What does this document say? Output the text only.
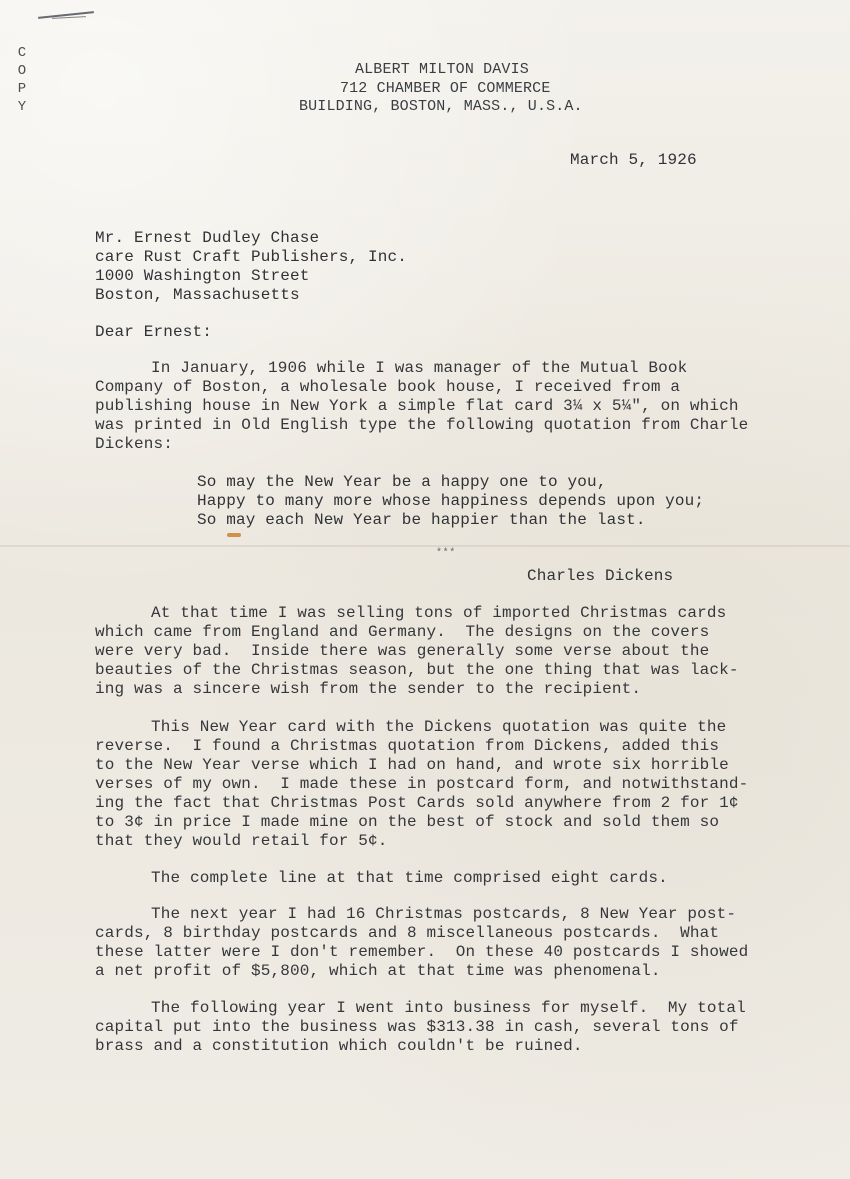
C
O
P
Y
ALBERT MILTON DAVIS
712 CHAMBER OF COMMERCE
BUILDING, BOSTON, MASS., U.S.A.
March 5, 1926
Mr. Ernest Dudley Chase
care Rust Craft Publishers, Inc.
1000 Washington Street
Boston, Massachusetts
Dear Ernest:
In January, 1906 while I was manager of the Mutual Book
Company of Boston, a wholesale book house, I received from a
publishing house in New York a simple flat card 3¼ x 5¼", on which
was printed in Old English type the following quotation from Charle
Dickens:
So may the New Year be a happy one to you,
Happy to many more whose happiness depends upon you;
So may each New Year be happier than the last.
***
Charles Dickens
At that time I was selling tons of imported Christmas cards
which came from England and Germany.  The designs on the covers
were very bad.  Inside there was generally some verse about the
beauties of the Christmas season, but the one thing that was lack-
ing was a sincere wish from the sender to the recipient.
This New Year card with the Dickens quotation was quite the
reverse.  I found a Christmas quotation from Dickens, added this
to the New Year verse which I had on hand, and wrote six horrible
verses of my own.  I made these in postcard form, and notwithstand-
ing the fact that Christmas Post Cards sold anywhere from 2 for 1¢
to 3¢ in price I made mine on the best of stock and sold them so
that they would retail for 5¢.
The complete line at that time comprised eight cards.
The next year I had 16 Christmas postcards, 8 New Year post-
cards, 8 birthday postcards and 8 miscellaneous postcards.  What
these latter were I don't remember.  On these 40 postcards I showed
a net profit of $5,800, which at that time was phenomenal.
The following year I went into business for myself.  My total
capital put into the business was $313.38 in cash, several tons of
brass and a constitution which couldn't be ruined.
